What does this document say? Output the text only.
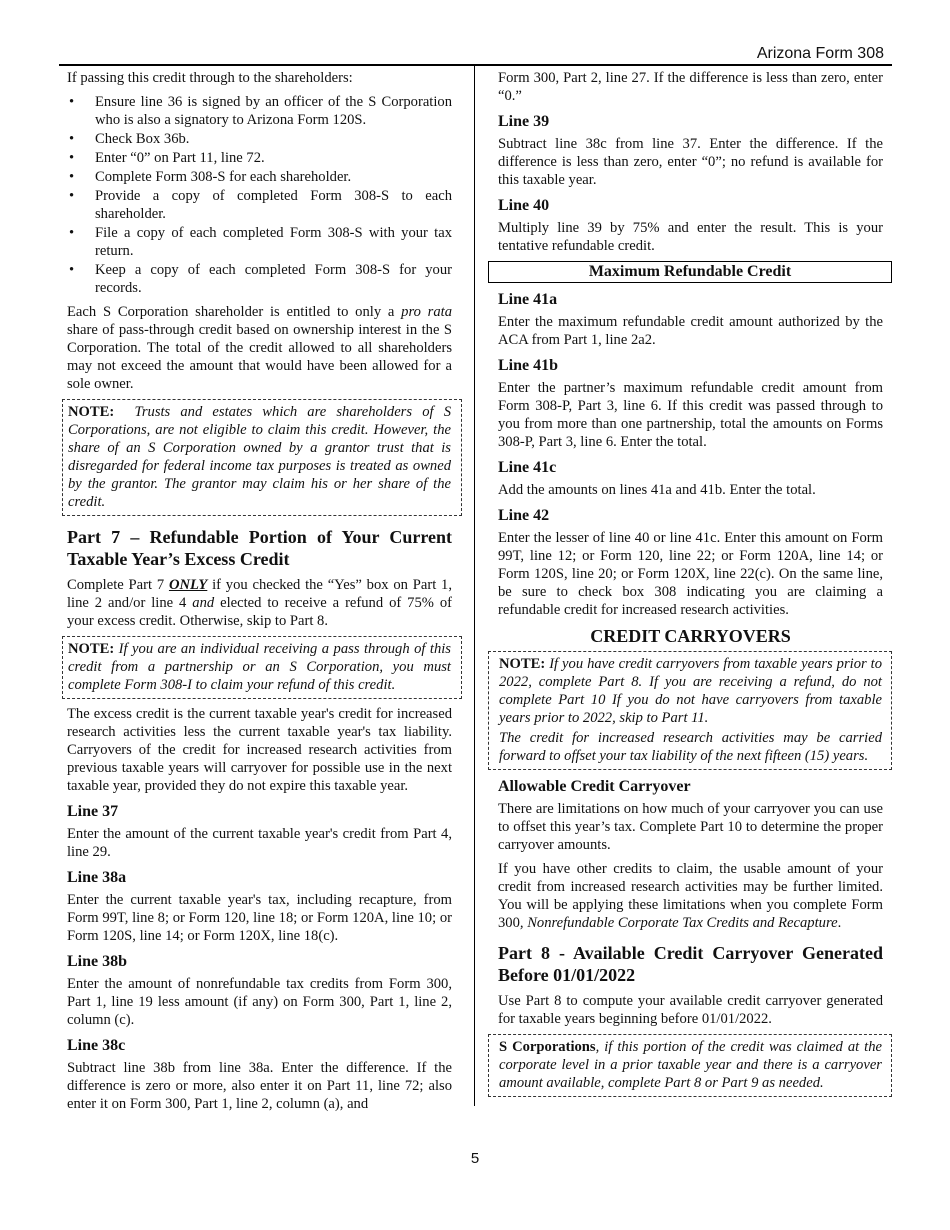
Arizona Form 308

If passing this credit through to the shareholders:

• Ensure line 36 is signed by an officer of the S Corporation who is also a signatory to Arizona Form 120S.
• Check Box 36b.
• Enter “0” on Part 11, line 72.
• Complete Form 308-S for each shareholder.
• Provide a copy of completed Form 308-S to each shareholder.
• File a copy of each completed Form 308-S with your tax return.
• Keep a copy of each completed Form 308-S for your records.

Each S Corporation shareholder is entitled to only a pro rata share of pass-through credit based on ownership interest in the S Corporation. The total of the credit allowed to all shareholders may not exceed the amount that would have been allowed for a sole owner.

NOTE: Trusts and estates which are shareholders of S Corporations, are not eligible to claim this credit. However, the share of an S Corporation owned by a grantor trust that is disregarded for federal income tax purposes is treated as owned by the grantor. The grantor may claim his or her share of the credit.

Part 7 – Refundable Portion of Your Current Taxable Year’s Excess Credit

Complete Part 7 ONLY if you checked the “Yes” box on Part 1, line 2 and/or line 4 and elected to receive a refund of 75% of your excess credit. Otherwise, skip to Part 8.

NOTE: If you are an individual receiving a pass through of this credit from a partnership or an S Corporation, you must complete Form 308-I to claim your refund of this credit.

The excess credit is the current taxable year's credit for increased research activities less the current taxable year's tax liability. Carryovers of the credit for increased research activities from previous taxable years will carryover for possible use in the next taxable year, provided they do not expire this taxable year.

Line 37

Enter the amount of the current taxable year's credit from Part 4, line 29.

Line 38a

Enter the current taxable year's tax, including recapture, from Form 99T, line 8; or Form 120, line 18; or Form 120A, line 10; or Form 120S, line 14; or Form 120X, line 18(c).

Line 38b

Enter the amount of nonrefundable tax credits from Form 300, Part 1, line 19 less amount (if any) on Form 300, Part 1, line 2, column (c).

Line 38c

Subtract line 38b from line 38a. Enter the difference. If the difference is zero or more, also enter it on Part 11, line 72; also enter it on Form 300, Part 1, line 2, column (a), and

Form 300, Part 2, line 27. If the difference is less than zero, enter “0.”

Line 39

Subtract line 38c from line 37. Enter the difference. If the difference is less than zero, enter “0”; no refund is available for this taxable year.

Line 40

Multiply line 39 by 75% and enter the result. This is your tentative refundable credit.

Maximum Refundable Credit
Line 41a

Enter the maximum refundable credit amount authorized by the ACA from Part 1, line 2a2.

Line 41b

Enter the partner’s maximum refundable credit amount from Form 308-P, Part 3, line 6. If this credit was passed through to you from more than one partnership, total the amounts on Forms 308-P, Part 3, line 6. Enter the total.

Line 41c

Add the amounts on lines 41a and 41b. Enter the total.

Line 42

Enter the lesser of line 40 or line 41c. Enter this amount on Form 99T, line 12; or Form 120, line 22; or Form 120A, line 14; or Form 120S, line 20; or Form 120X, line 22(c). On the same line, be sure to check box 308 indicating you are claiming a refundable credit for increased research activities.

CREDIT CARRYOVERS

NOTE: If you have credit carryovers from taxable years prior to 2022, complete Part 8. If you are receiving a refund, do not complete Part 10 If you do not have carryovers from taxable years prior to 2022, skip to Part 11.

The credit for increased research activities may be carried forward to offset your tax liability of the next fifteen (15) years.

Allowable Credit Carryover

There are limitations on how much of your carryover you can use to offset this year’s tax. Complete Part 10 to determine the proper carryover amounts.

If you have other credits to claim, the usable amount of your credit from increased research activities may be further limited. You will be applying these limitations when you complete Form 300, Nonrefundable Corporate Tax Credits and Recapture.

Part 8 - Available Credit Carryover Generated Before 01/01/2022

Use Part 8 to compute your available credit carryover generated for taxable years beginning before 01/01/2022.

S Corporations, if this portion of the credit was claimed at the corporate level in a prior taxable year and there is a carryover amount available, complete Part 8 or Part 9 as needed.

5
